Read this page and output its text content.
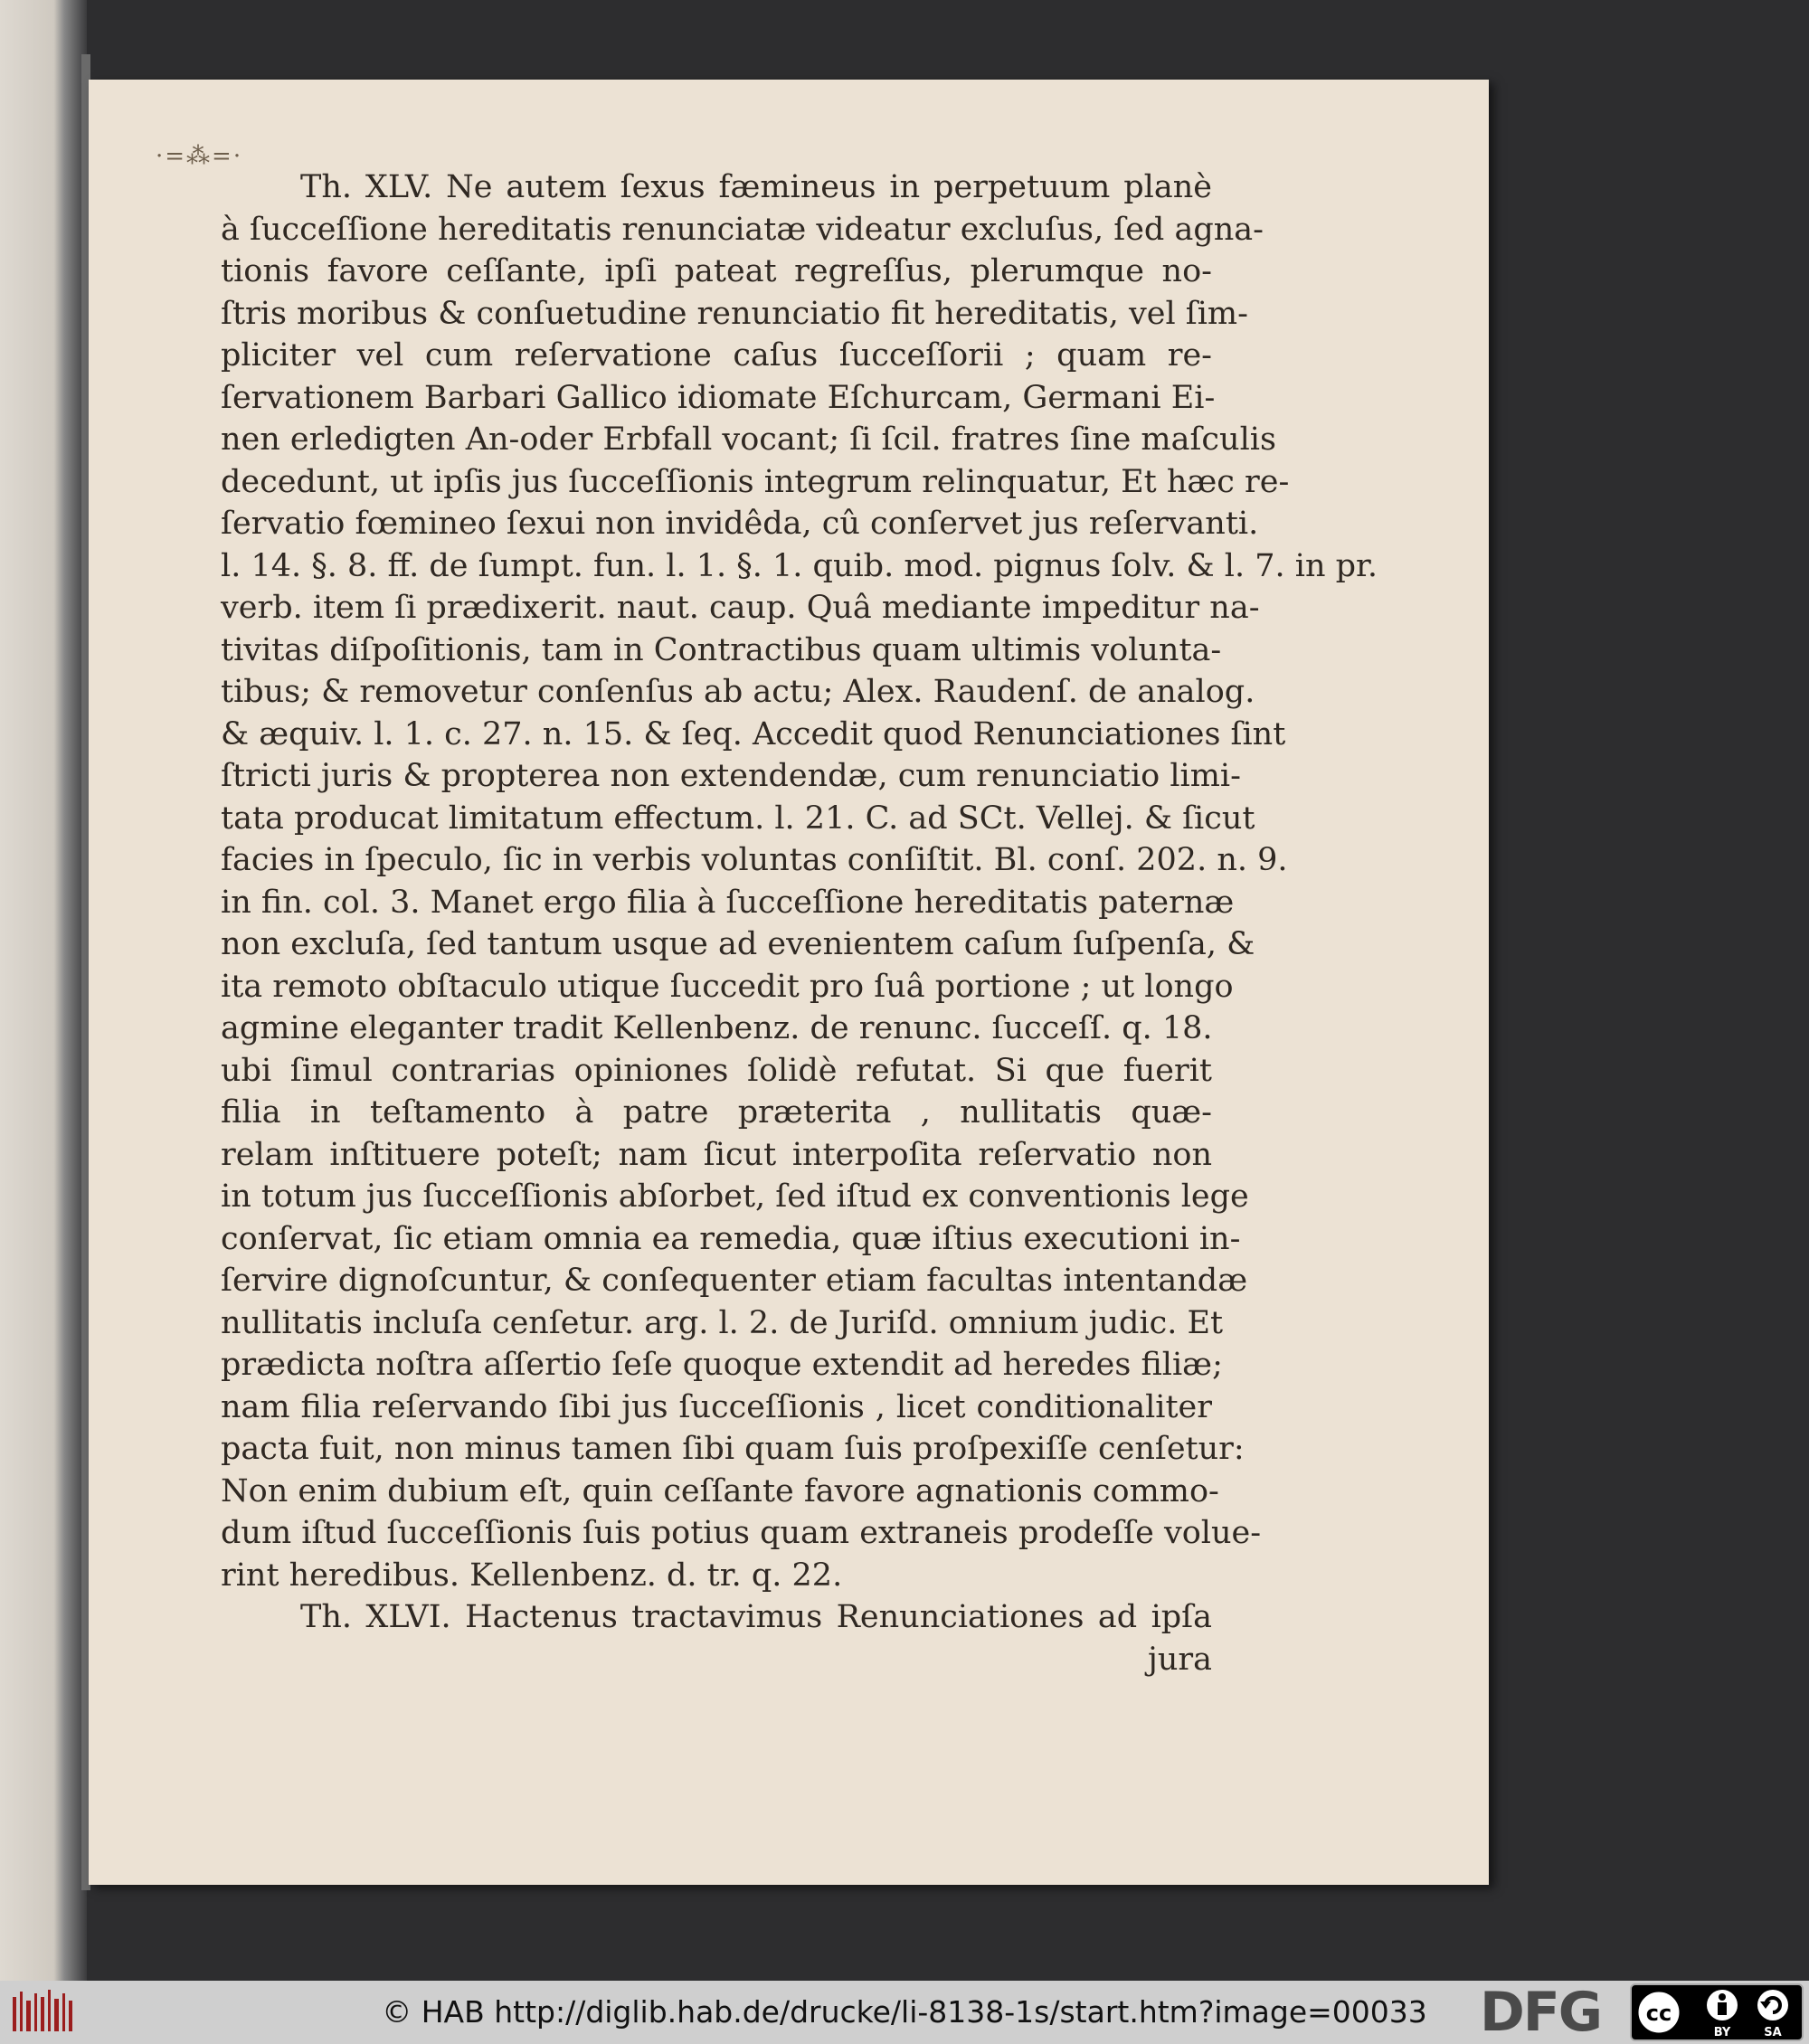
·=⁂=·
Th. XLV. Ne autem ſexus fæmineus in perpetuum planè
à ſucceſſione hereditatis renunciatæ videatur excluſus, ſed agna-
tionis favore ceſſante, ipſi pateat regreſſus, plerumque no-
ſtris moribus & conſuetudine renunciatio fit hereditatis, vel ſim-
pliciter vel cum reſervatione caſus ſucceſſorii ; quam re-
ſervationem Barbari Gallico idiomate Eſchurcam, Germani Ei-
nen erledigten An-oder Erbfall vocant; ſi ſcil. fratres ſine maſculis
decedunt, ut ipſis jus ſucceſſionis integrum relinquatur, Et hæc re-
ſervatio fœmineo ſexui non invidêda, cû conſervet jus reſervanti.
l. 14. §. 8. ff. de ſumpt. fun. l. 1. §. 1. quib. mod. pignus ſolv. & l. 7. in pr.
verb. item ſi prædixerit. naut. caup. Quâ mediante impeditur na-
tivitas diſpoſitionis, tam in Contractibus quam ultimis volunta-
tibus; & removetur conſenſus ab actu; Alex. Raudenſ. de analog.
& æquiv. l. 1. c. 27. n. 15. & ſeq. Accedit quod Renunciationes ſint
ſtricti juris & propterea non extendendæ, cum renunciatio limi-
tata producat limitatum effectum. l. 21. C. ad SCt. Vellej. & ſicut
facies in ſpeculo, ſic in verbis voluntas conſiſtit. Bl. conſ. 202. n. 9.
in fin. col. 3. Manet ergo filia à ſucceſſione hereditatis paternæ
non excluſa, ſed tantum usque ad evenientem caſum ſuſpenſa, &
ita remoto obſtaculo utique ſuccedit pro ſuâ portione ; ut longo
agmine eleganter tradit Kellenbenz. de renunc. ſucceſſ. q. 18.
ubi ſimul contrarias opiniones ſolidè refutat. Si que fuerit
filia in teſtamento à patre præterita , nullitatis quæ-
relam inſtituere poteſt; nam ſicut interpoſita reſervatio non
in totum jus ſucceſſionis abſorbet, ſed iſtud ex conventionis lege
conſervat, ſic etiam omnia ea remedia, quæ iſtius executioni in-
ſervire dignoſcuntur, & conſequenter etiam facultas intentandæ
nullitatis incluſa cenſetur. arg. l. 2. de Juriſd. omnium judic. Et
prædicta noſtra aſſertio ſeſe quoque extendit ad heredes filiæ;
nam filia reſervando ſibi jus ſucceſſionis , licet conditionaliter
pacta fuit, non minus tamen ſibi quam ſuis proſpexiſſe cenſetur:
Non enim dubium eſt, quin ceſſante favore agnationis commo-
dum iſtud ſucceſſionis ſuis potius quam extraneis prodeſſe volue-
rint heredibus. Kellenbenz. d. tr. q. 22.
Th. XLVI. Hactenus tractavimus Renunciationes ad ipſa
jura
© HAB http://diglib.hab.de/drucke/li-8138-1s/start.htm?image=00033 DFG cc
BY	SA
